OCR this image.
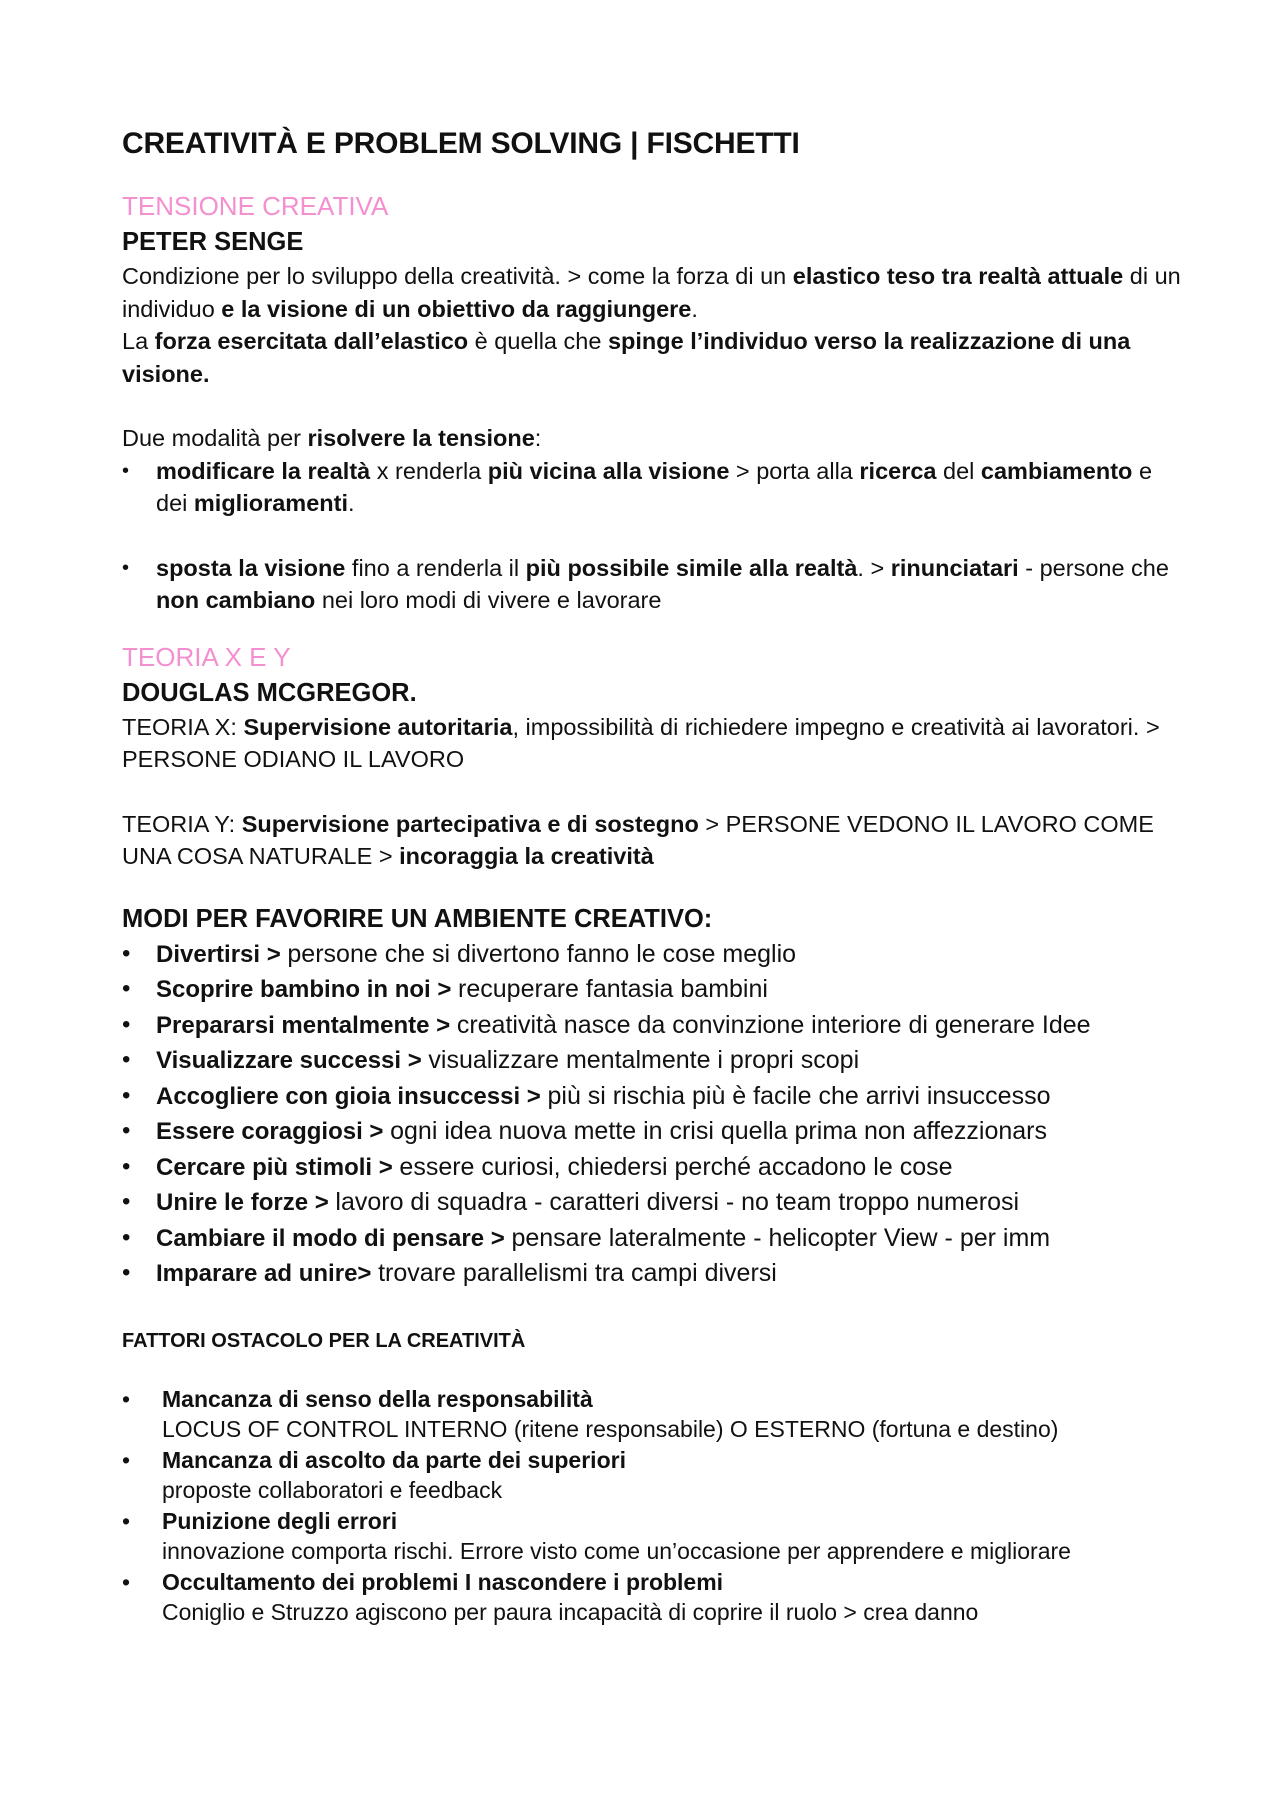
CREATIVITÀ E PROBLEM SOLVING | FISCHETTI
TENSIONE CREATIVA
PETER SENGE

Condizione per lo sviluppo della creatività. > come la forza di un elastico teso tra realtà attuale di un individuo e la visione di un obiettivo da raggiungere.

La forza esercitata dall’elastico è quella che spinge l’individuo verso la realizzazione di una visione.

Due modalità per risolvere la tensione:

• modificare la realtà x renderla più vicina alla visione > porta alla ricerca del cambiamento e dei miglioramenti.
• sposta la visione fino a renderla il più possibile simile alla realtà. > rinunciatari - persone che non cambiano nei loro modi di vivere e lavorare
TEORIA X E Y
DOUGLAS MCGREGOR.

TEORIA X: Supervisione autoritaria, impossibilità di richiedere impegno e creatività ai lavoratori. > PERSONE ODIANO IL LAVORO

TEORIA Y: Supervisione partecipativa e di sostegno > PERSONE VEDONO IL LAVORO COME UNA COSA NATURALE > incoraggia la creatività

MODI PER FAVORIRE UN AMBIENTE CREATIVO:
• Divertirsi > persone che si divertono fanno le cose meglio
• Scoprire bambino in noi > recuperare fantasia bambini
• Prepararsi mentalmente > creatività nasce da convinzione interiore di generare Idee
• Visualizzare successi > visualizzare mentalmente i propri scopi
• Accogliere con gioia insuccessi > più si rischia più è facile che arrivi insuccesso
• Essere coraggiosi > ogni idea nuova mette in crisi quella prima non affezzionars
• Cercare più stimoli > essere curiosi, chiedersi perché accadono le cose
• Unire le forze > lavoro di squadra - caratteri diversi - no team troppo numerosi
• Cambiare il modo di pensare > pensare lateralmente - helicopter View - per imm
• Imparare ad unire> trovare parallelismi tra campi diversi
FATTORI OSTACOLO PER LA CREATIVITÀ
• Mancanza di senso della responsabilità
LOCUS OF CONTROL INTERNO (ritene responsabile) O ESTERNO (fortuna e destino)
• Mancanza di ascolto da parte dei superiori
proposte collaboratori e feedback
• Punizione degli errori
innovazione comporta rischi. Errore visto come un’occasione per apprendere e migliorare
• Occultamento dei problemi I nascondere i problemi
Coniglio e Struzzo agiscono per paura incapacità di coprire il ruolo > crea danno
